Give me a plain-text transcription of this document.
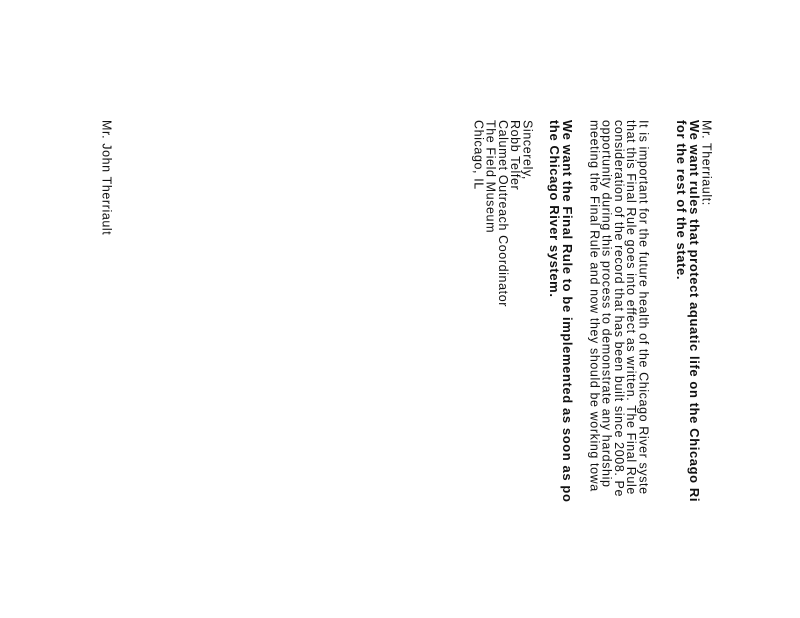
Mr. Therriault:
We want rules that protect aquatic life on the Chicago Ri
for the rest of the state.
It is important for the future health of the Chicago River syste
that this Final Rule goes into effect as written. The Final Rule
consideration of the record that has been built since 2008. Pe
opportunity during this process to demonstrate any hardship
meeting the Final Rule and now they should be working towa
We want the Final Rule to be implemented as soon as po
the Chicago River system.
Sincerely,
Robb Telfer
Calumet Outreach Coordinator
The Field Museum
Chicago, IL
Mr. John Therriault
